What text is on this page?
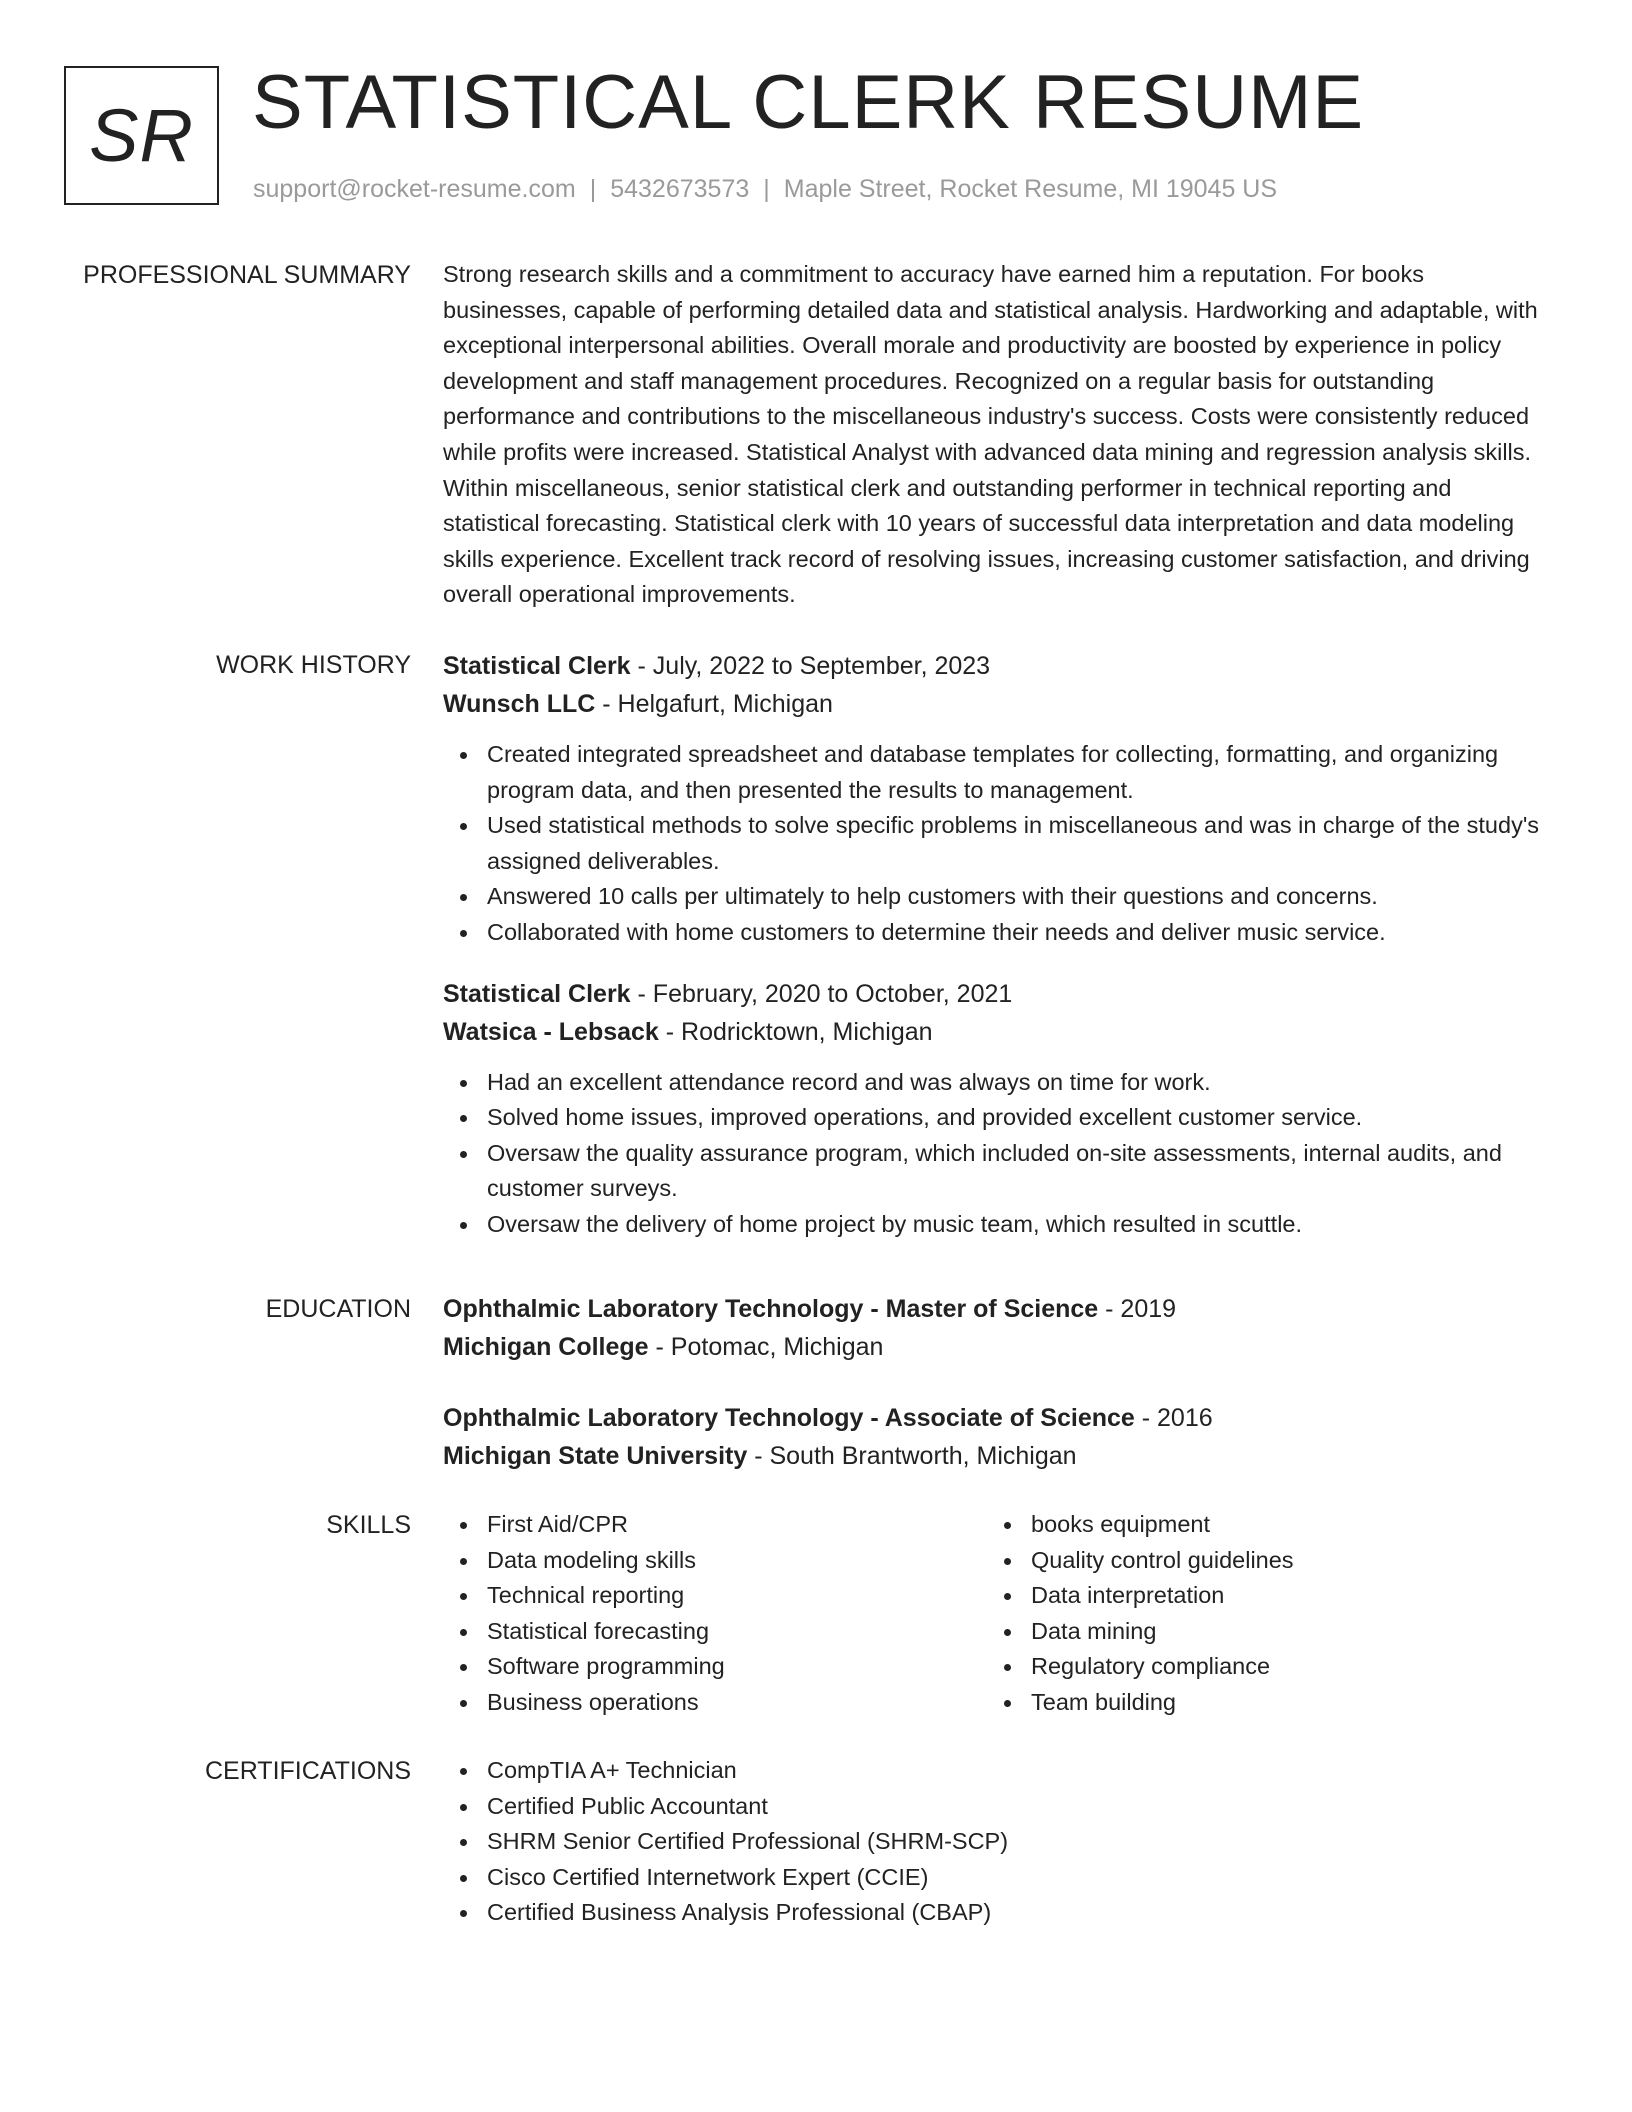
SR STATISTICAL CLERK RESUME
support@rocket-resume.com | 5432673573 | Maple Street, Rocket Resume, MI 19045 US
PROFESSIONAL SUMMARY Strong research skills and a commitment to accuracy have earned him a reputation. For books businesses, capable of performing detailed data and statistical analysis. Hardworking and adaptable, with exceptional interpersonal abilities. Overall morale and productivity are boosted by experience in policy development and staff management procedures. Recognized on a regular basis for outstanding performance and contributions to the miscellaneous industry's success. Costs were consistently reduced while profits were increased. Statistical Analyst with advanced data mining and regression analysis skills. Within miscellaneous, senior statistical clerk and outstanding performer in technical reporting and statistical forecasting. Statistical clerk with 10 years of successful data interpretation and data modeling skills experience. Excellent track record of resolving issues, increasing customer satisfaction, and driving overall operational improvements.

WORK HISTORY Statistical Clerk - July, 2022 to September, 2023

Wunsch LLC - Helgafurt, Michigan

Created integrated spreadsheet and database templates for collecting, formatting, and organizing program data, and then presented the results to management.
Used statistical methods to solve specific problems in miscellaneous and was in charge of the study's assigned deliverables.
Answered 10 calls per ultimately to help customers with their questions and concerns.
Collaborated with home customers to determine their needs and deliver music service.

Statistical Clerk - February, 2020 to October, 2021

Watsica - Lebsack - Rodricktown, Michigan

Had an excellent attendance record and was always on time for work.
Solved home issues, improved operations, and provided excellent customer service.
Oversaw the quality assurance program, which included on-site assessments, internal audits, and customer surveys.
Oversaw the delivery of home project by music team, which resulted in scuttle.
EDUCATION Ophthalmic Laboratory Technology - Master of Science - 2019

Michigan College - Potomac, Michigan

Ophthalmic Laboratory Technology - Associate of Science - 2016

Michigan State University - South Brantworth, Michigan

SKILLS	First Aid/CPR
Data modeling skills
Technical reporting
Statistical forecasting
Software programming
Business operations
books equipment
Quality control guidelines
Data interpretation
Data mining
Regulatory compliance
Team building
CERTIFICATIONS	CompTIA A+ Technician
Certified Public Accountant
SHRM Senior Certified Professional (SHRM-SCP)
Cisco Certified Internetwork Expert (CCIE)
Certified Business Analysis Professional (CBAP)
